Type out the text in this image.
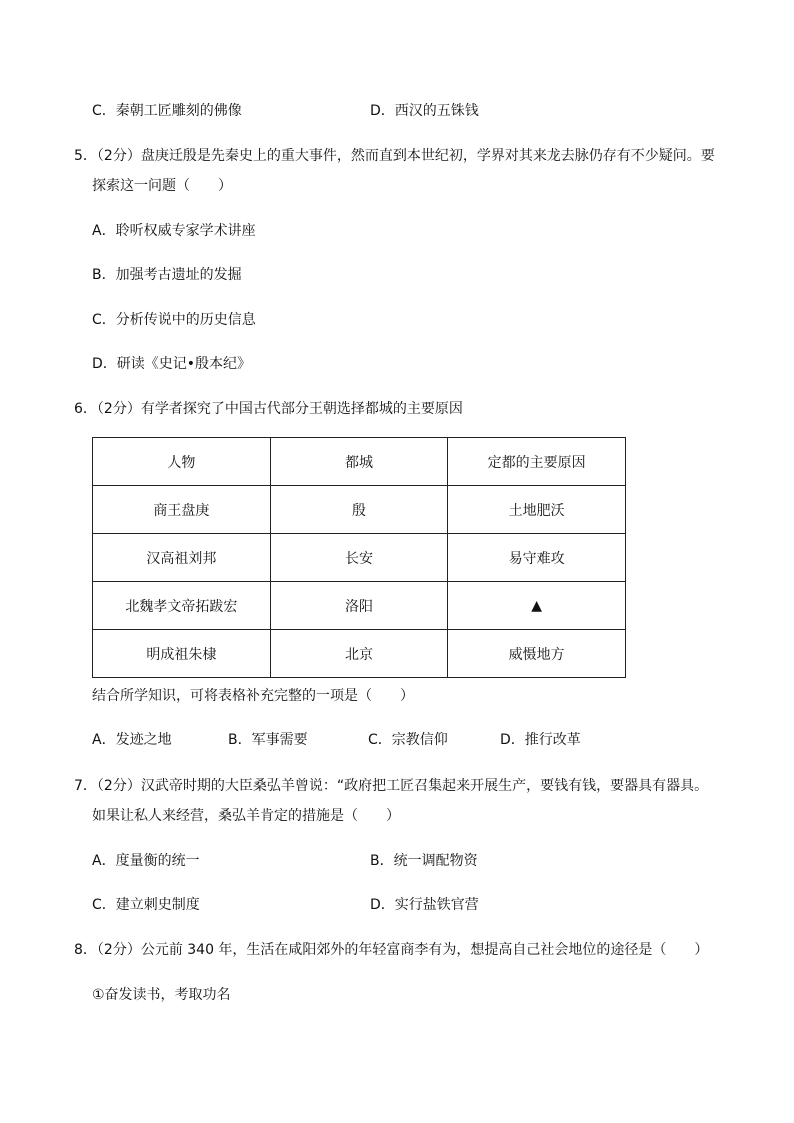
C．秦朝工匠雕刻的佛像	D．西汉的五铢钱
5．（2分）盘庚迁殷是先秦史上的重大事件，然而直到本世纪初，学界对其来龙去脉仍存有不少疑问。要
探索这一问题（　　）
A．聆听权威专家学术讲座
B．加强考古遗址的发掘
C．分析传说中的历史信息
D．研读《史记•殷本纪》
6．（2分）有学者探究了中国古代部分王朝选择都城的主要原因
人物	都城	定都的主要原因
商王盘庚	殷	土地肥沃
汉高祖刘邦	长安	易守难攻
北魏孝文帝拓跋宏	洛阳	▲
明成祖朱棣	北京	威慑地方
结合所学知识，可将表格补充完整的一项是（　　）
A．发迹之地	B．军事需要	C．宗教信仰	D．推行改革
7．（2分）汉武帝时期的大臣桑弘羊曾说：“政府把工匠召集起来开展生产，要钱有钱，要器具有器具。
如果让私人来经营，桑弘羊肯定的措施是（　　）
A．度量衡的统一	B．统一调配物资
C．建立刺史制度	D．实行盐铁官营
8．（2分）公元前 340 年，生活在咸阳郊外的年轻富商李有为，想提高自己社会地位的途径是（　　）
①奋发读书，考取功名
